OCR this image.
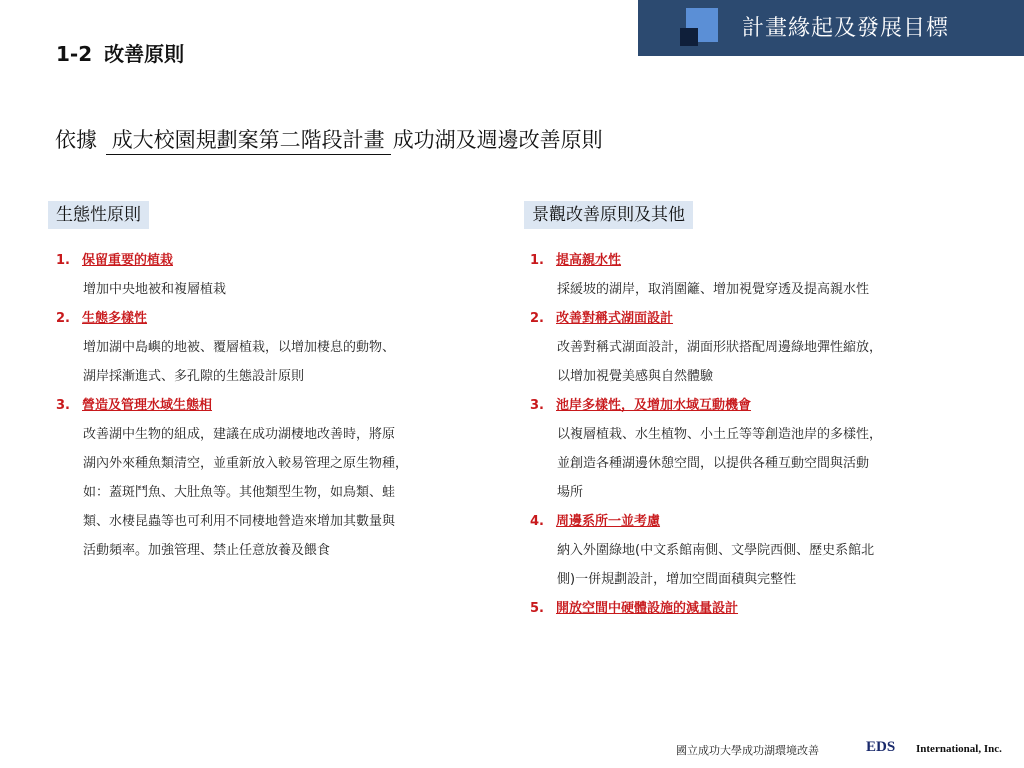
計畫緣起及發展目標
1-2 改善原則
依據 成大校園規劃案第二階段計畫 成功湖及週邊改善原則
生態性原則	景觀改善原則及其他
1. 保留重要的植栽
增加中央地被和複層植栽
2. 生態多樣性
增加湖中島嶼的地被、覆層植栽，以增加棲息的動物、
湖岸採漸進式、多孔隙的生態設計原則
3. 營造及管理水域生態相
改善湖中生物的組成，建議在成功湖棲地改善時，將原
湖內外來種魚類清空，並重新放入較易管理之原生物種，
如：蓋斑鬥魚、大肚魚等。其他類型生物，如鳥類、蛙
類、水棲昆蟲等也可利用不同棲地營造來增加其數量與
活動頻率。加強管理、禁止任意放養及餵食
1. 提高親水性
採緩坡的湖岸，取消圍籬、增加視覺穿透及提高親水性
2. 改善對稱式湖面設計
改善對稱式湖面設計，湖面形狀搭配周邊綠地彈性縮放，
以增加視覺美感與自然體驗
3. 池岸多樣性，及增加水域互動機會
以複層植栽、水生植物、小土丘等等創造池岸的多樣性，
並創造各種湖邊休憩空間，以提供各種互動空間與活動
場所
4. 周邊系所一並考慮
納入外圍綠地(中文系館南側、文學院西側、歷史系館北
側)一併規劃設計，增加空間面積與完整性
5. 開放空間中硬體設施的減量設計
國立成功大學成功湖環境改善	EDS International, Inc.
